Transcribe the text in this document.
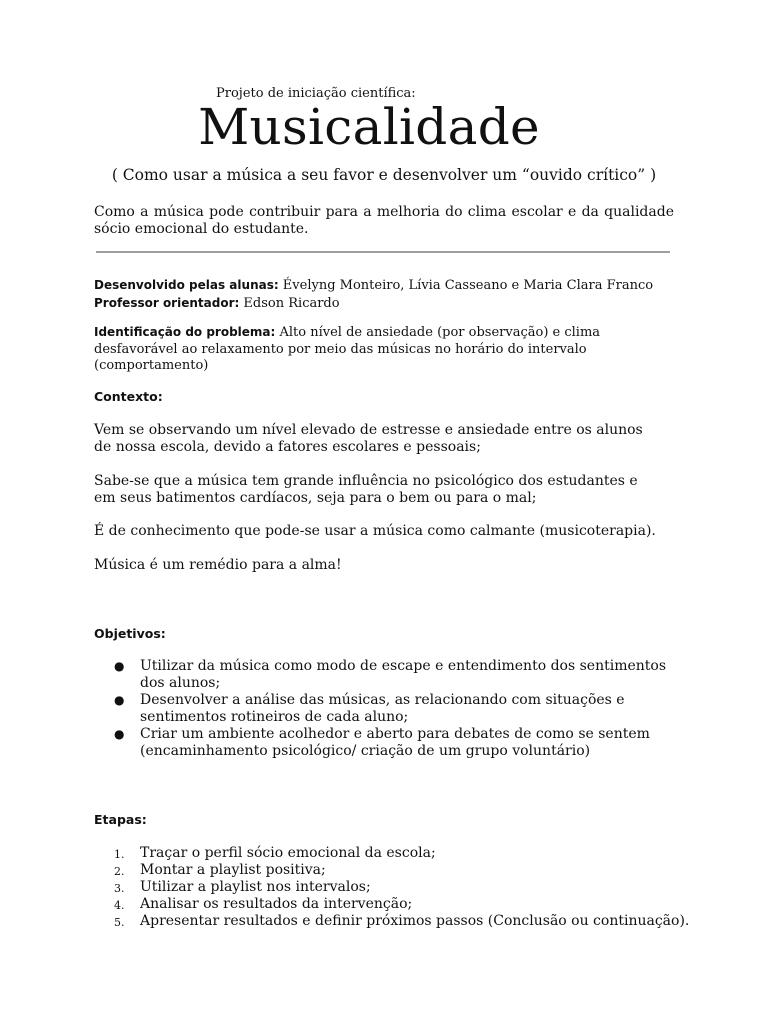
Projeto de iniciação científica:
Musicalidade
( Como usar a música a seu favor e desenvolver um “ouvido crítico” )
Como a música pode contribuir para a melhoria do clima escolar e da qualidade sócio emocional do estudante.
Desenvolvido pelas alunas: Évelyng Monteiro, Lívia Casseano e Maria Clara Franco
Professor orientador: Edson Ricardo
Identificação do problema: Alto nível de ansiedade (por observação) e clima desfavorável ao relaxamento por meio das músicas no horário do intervalo (comportamento)
Contexto:
Vem se observando um nível elevado de estresse e ansiedade entre os alunos de nossa escola, devido a fatores escolares e pessoais;
Sabe-se que a música tem grande influência no psicológico dos estudantes e em seus batimentos cardíacos, seja para o bem ou para o mal;
É de conhecimento que pode-se usar a música como calmante (musicoterapia).
Música é um remédio para a alma!
Objetivos:
● Utilizar da música como modo de escape e entendimento dos sentimentos dos alunos;
● Desenvolver a análise das músicas, as relacionando com situações e sentimentos rotineiros de cada aluno;
● Criar um ambiente acolhedor e aberto para debates de como se sentem (encaminhamento psicológico/ criação de um grupo voluntário)
Etapas:
1. Traçar o perfil sócio emocional da escola;
2. Montar a playlist positiva;
3. Utilizar a playlist nos intervalos;
4. Analisar os resultados da intervenção;
5. Apresentar resultados e definir próximos passos (Conclusão ou continuação).
